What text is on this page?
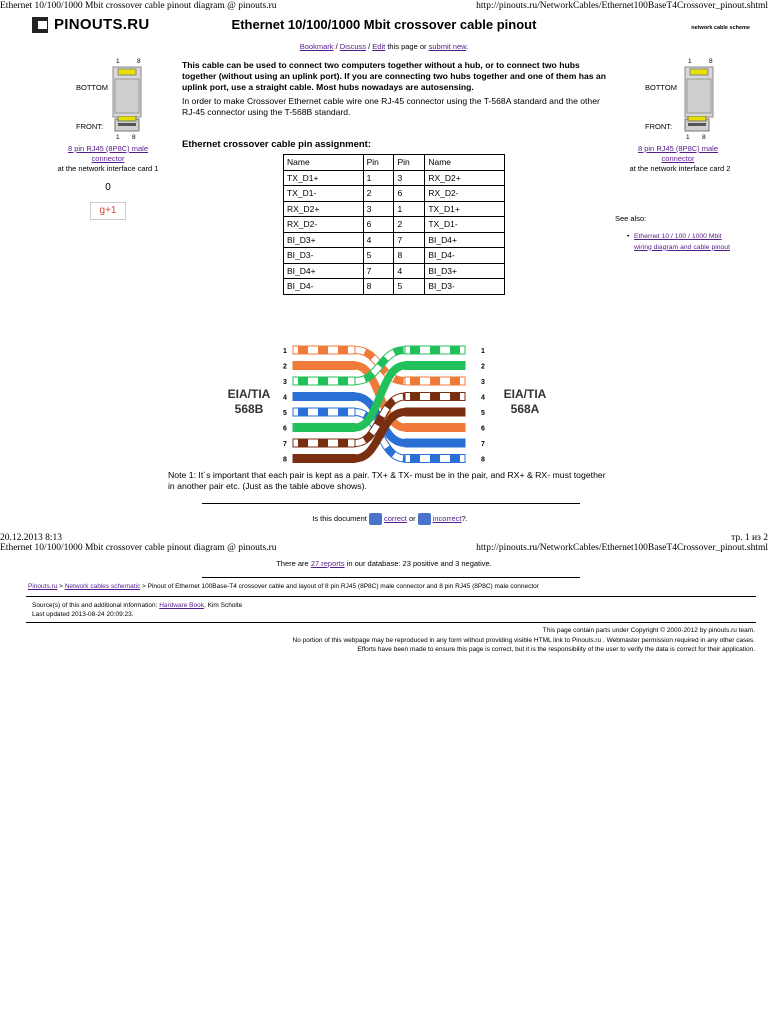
Ethernet 10/100/1000 Mbit crossover cable pinout diagram @ pinouts.ru	http://pinouts.ru/NetworkCables/Ethernet100BaseT4Crossover_pinout.shtml
PINOUTS.RU	Ethernet 10/100/1000 Mbit crossover cable pinout	network cable scheme
Bookmark / Discuss / Edit this page or submit new.
1	8
BOTTOM
FRONT:
1 8
8 pin RJ45 (8P8C) male connector
at the network interface card 1
0
g+1
1	8
BOTTOM
FRONT:
1 8
8 pin RJ45 (8P8C) male connector
at the network interface card 2
See also:
• Ethernet 10 / 100 / 1000 Mbit wiring diagram and cable pinout
This cable can be used to connect two computers together without a hub, or to connect two hubs together (without using an uplink port). If you are connecting two hubs together and one of them has an uplink port, use a straight cable. Most hubs nowadays are autosensing.
In order to make Crossover Ethernet cable wire one RJ-45 connector using the T-568A standard and the other RJ-45 connector using the T-568B standard.
Ethernet crossover cable pin assignment:
Name	Pin	Pin	Name
TX_D1+	1	3	RX_D2+
TX_D1-	2	6	RX_D2-
RX_D2+	3	1	TX_D1+
RX_D2-	6	2	TX_D1-
BI_D3+	4	7	BI_D4+
BI_D3-	5	8	BI_D4-
BI_D4+	7	4	BI_D3+
BI_D4-	8	5	BI_D3-
1	1
2	2
3	3
4	4
5	5
6	6
7	7
8	8
EIA/TIA
568B
EIA/TIA
568A
Note 1: It´s important that each pair is kept as a pair. TX+ & TX- must be in the pair, and RX+ & RX- must together in another pair etc. (Just as the table above shows).
Is this document correct or incorrect?.
20.12.2013 8:13	тр. 1 из 2
Ethernet 10/100/1000 Mbit crossover cable pinout diagram @ pinouts.ru	http://pinouts.ru/NetworkCables/Ethernet100BaseT4Crossover_pinout.shtml
There are 27 reports in our database: 23 positive and 3 negative.
Pinouts.ru > Network cables schematic > Pinout of Ethernet 100Base-T4 crossover cable and layout of 8 pin RJ45 (8P8C) male connector and 8 pin RJ45 (8P8C) male connector
Source(s) of this and additional information: Hardware Book, Kim Scholte
Last updated 2013-08-24 20:09:23.
This page contain parts under Copyright © 2000-2012 by pinouts.ru team.
No portion of this webpage may be reproduced in any form without providing visible HTML link to Pinouts.ru . Webmaster permission required in any other cases.
Efforts have been made to ensure this page is correct, but it is the responsibility of the user to verify the data is correct for their application.
